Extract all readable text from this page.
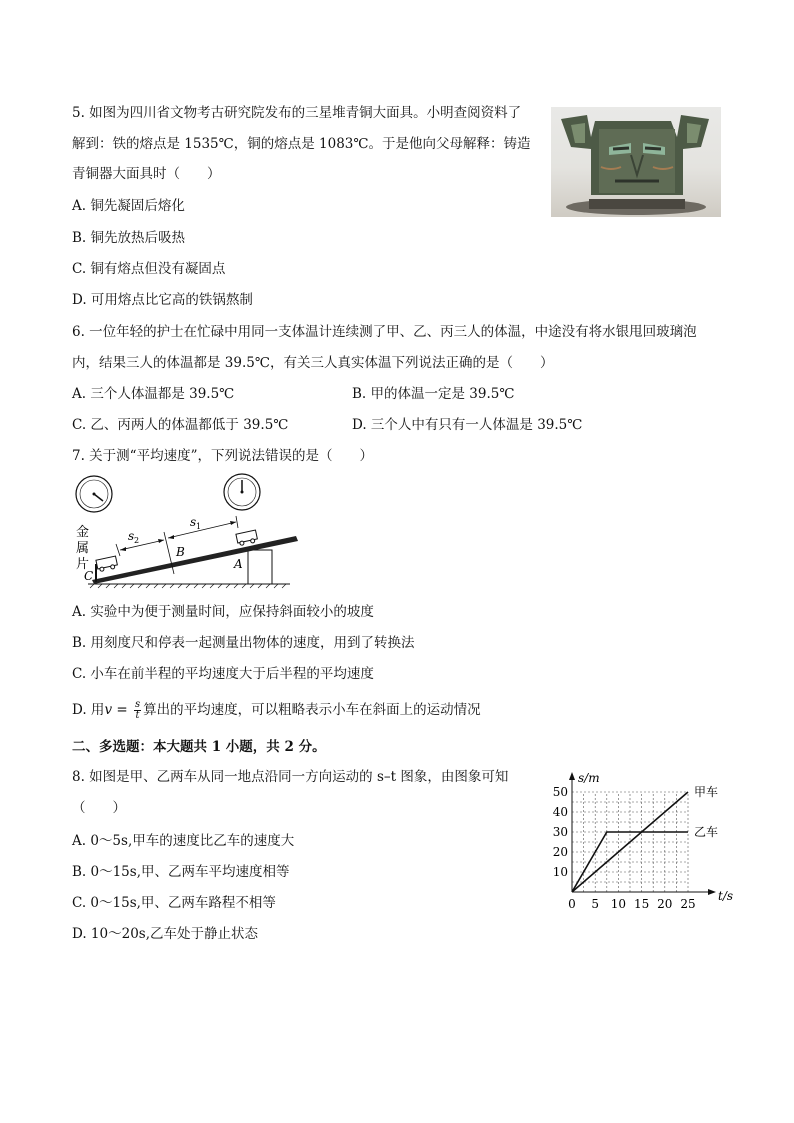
5. 如图为四川省文物考古研究院发布的三星堆青铜大面具。小明查阅资料了
解到：铁的熔点是 1535℃，铜的熔点是 1083℃。于是他向父母解释：铸造
青铜器大面具时（　　）
A. 铜先凝固后熔化
B. 铜先放热后吸热
C. 铜有熔点但没有凝固点
D. 可用熔点比它高的铁锅熬制
6. 一位年轻的护士在忙碌中用同一支体温计连续测了甲、乙、丙三人的体温，中途没有将水银甩回玻璃泡
内，结果三人的体温都是 39.5℃，有关三人真实体温下列说法正确的是（　　）
A. 三个人体温都是 39.5℃	B. 甲的体温一定是 39.5℃
C. 乙、丙两人的体温都低于 39.5℃	D. 三个人中有只有一人体温是 39.5℃
7. 关于测“平均速度”，下列说法错误的是（　　）
金
属
片
C
B
A
s 2
s 1
A. 实验中为便于测量时间，应保持斜面较小的坡度
B. 用刻度尺和停表一起测量出物体的速度，用到了转换法
C. 小车在前半程的平均速度大于后半程的平均速度
D. 用$v = \frac{s}{t}$ 算出的平均速度，可以粗略表示小车在斜面上的运动情况
二、多选题：本大题共 1 小题，共 2 分。
8. 如图是甲、乙两车从同一地点沿同一方向运动的 s–t 图象，由图象可知
（　　）
A. 0～5s,甲车的速度比乙车的速度大
B. 0～15s,甲、乙两车平均速度相等
C. 0～15s,甲、乙两车路程不相等
D. 10～20s,乙车处于静止状态
0 5 10 15 20 25
10
20
30
40
50
t/s
s/m
甲车
乙车
